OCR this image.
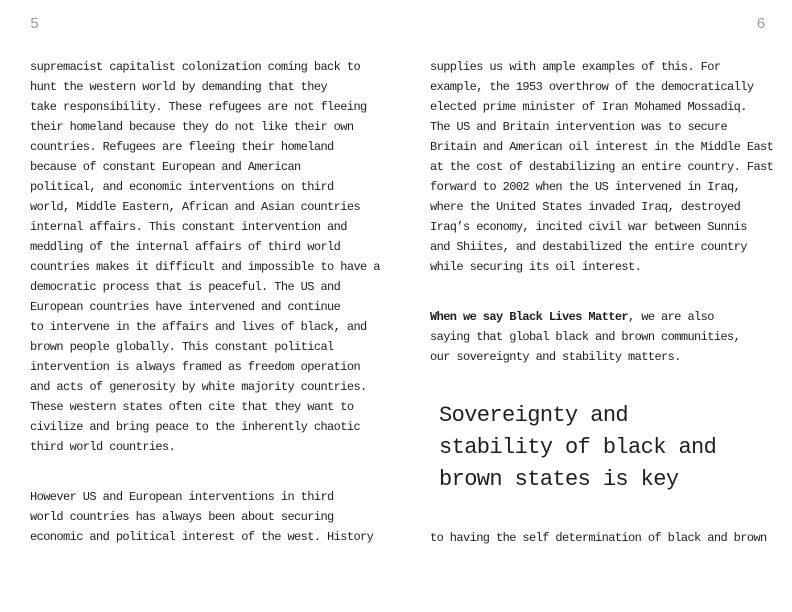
5
supremacist capitalist colonization coming back to
hunt the western world by demanding that they
take responsibility. These refugees are not fleeing
their homeland because they do not like their own
countries. Refugees are fleeing their homeland
because of constant European and American
political, and economic interventions on third
world, Middle Eastern, African and Asian countries
internal affairs. This constant intervention and
meddling of the internal affairs of third world
countries makes it difficult and impossible to have a
democratic process that is peaceful. The US and
European countries have intervened and continue
to intervene in the affairs and lives of black, and
brown people globally. This constant political
intervention is always framed as freedom operation
and acts of generosity by white majority countries.
These western states often cite that they want to
civilize and bring peace to the inherently chaotic
third world countries.
However US and European interventions in third
world countries has always been about securing
economic and political interest of the west. History
6
supplies us with ample examples of this. For
example, the 1953 overthrow of the democratically
elected prime minister of Iran Mohamed Mossadiq.
The US and Britain intervention was to secure
Britain and American oil interest in the Middle East
at the cost of destabilizing an entire country. Fast
forward to 2002 when the US intervened in Iraq,
where the United States invaded Iraq, destroyed
Iraq’s economy, incited civil war between Sunnis
and Shiites, and destabilized the entire country
while securing its oil interest.
When we say Black Lives Matter, we are also
saying that global black and brown communities,
our sovereignty and stability matters.
Sovereignty and
stability of black and
brown states is key
to having the self determination of black and brown
